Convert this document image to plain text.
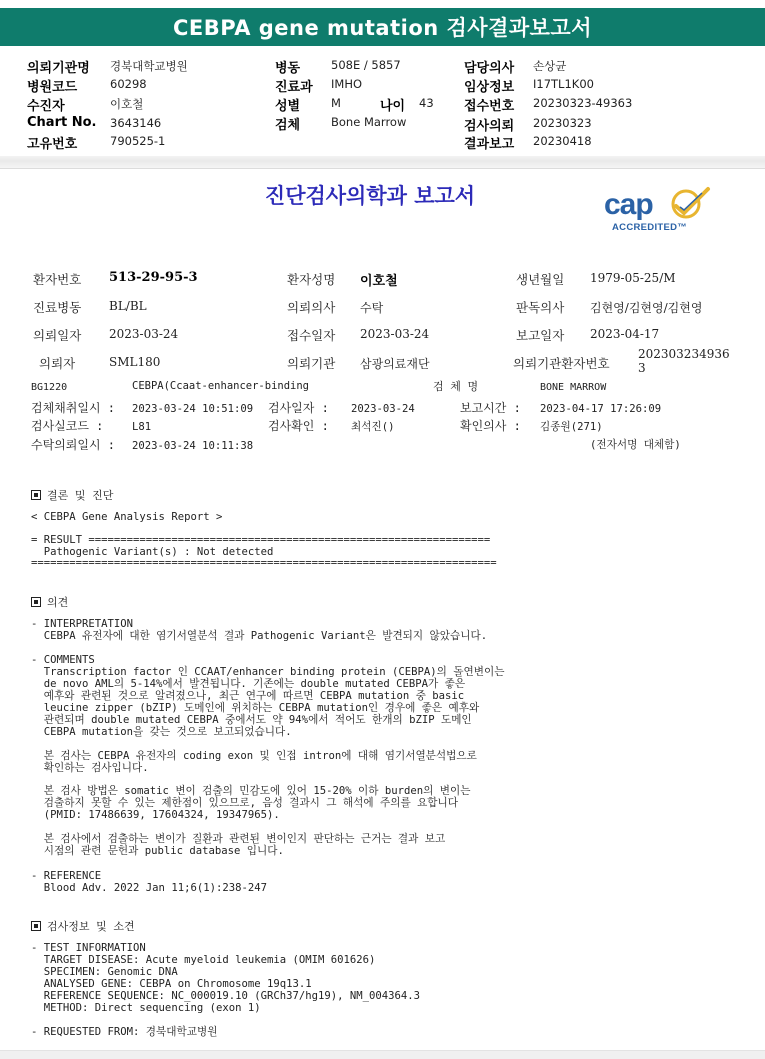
CEBPA gene mutation 검사결과보고서
의뢰기관명 경북대학교병원	병동	508E / 5857	담당의사 손상균
병원코드	60298	진료과 IMHO	임상정보 I17TL1K00
수진자	이호철	성별	M	나이 43 접수번호 20230323-49363
Chart No. 3643146	검체	Bone Marrow	검사의뢰 20230323
고유번호	790525-1	결과보고 20230418
진단검사의학과 보고서	cap
ACCREDITED™
환자번호 513-29-95-3	환자성명 이호철	생년월일 1979-05-25/M
진료병동 BL/BL	의뢰의사 수탁	판독의사 김현영/김현영/김현영
의뢰일자 2023-03-24	접수일자 2023-03-24	보고일자 2023-04-17
의뢰자	SML180	의뢰기관 삼광의료재단	의뢰기관환자번호
202303234936
3
BG1220	CEBPA(Ccaat-enhancer-binding	검 체 명	BONE MARROW
검체채취일시 : 2023-03-24 10:51:09 검사일자 : 2023-03-24	보고시간 : 2023-04-17 17:26:09
검사실코드 :	L81	검사확인 : 최석진()	확인의사 : 김종원(271)
수탁의뢰일시 : 2023-03-24 10:11:38	(전자서명 대체함)
결론 및 진단
< CEBPA Gene Analysis Report >
= RESULT ===============================================================
Pathogenic Variant(s) : Not detected
=========================================================================
의견
- INTERPRETATION
CEBPA 유전자에 대한 염기서열분석 결과 Pathogenic Variant은 발견되지 않았습니다.
- COMMENTS
Transcription factor 인 CCAAT/enhancer binding protein (CEBPA)의 돌연변이는
de novo AML의 5-14%에서 발견됩니다. 기존에는 double mutated CEBPA가 좋은
예후와 관련된 것으로 알려졌으나, 최근 연구에 따르면 CEBPA mutation 중 basic
leucine zipper (bZIP) 도메인에 위치하는 CEBPA mutation인 경우에 좋은 예후와
관련되며 double mutated CEBPA 중에서도 약 94%에서 적어도 한개의 bZIP 도메인
CEBPA mutation을 갖는 것으로 보고되었습니다.
본 검사는 CEBPA 유전자의 coding exon 및 인접 intron에 대해 염기서열분석법으로
확인하는 검사입니다.
본 검사 방법은 somatic 변이 검출의 민감도에 있어 15-20% 이하 burden의 변이는
검출하지 못할 수 있는 제한점이 있으므로, 음성 결과시 그 해석에 주의를 요합니다
(PMID: 17486639, 17604324, 19347965).
본 검사에서 검출하는 변이가 질환과 관련된 변이인지 판단하는 근거는 결과 보고
시점의 관련 문헌과 public database 입니다.
- REFERENCE
Blood Adv. 2022 Jan 11;6(1):238-247
검사정보 및 소견
- TEST INFORMATION
TARGET DISEASE: Acute myeloid leukemia (OMIM 601626)
SPECIMEN: Genomic DNA
ANALYSED GENE: CEBPA on Chromosome 19q13.1
REFERENCE SEQUENCE: NC_000019.10 (GRCh37/hg19), NM_004364.3
METHOD: Direct sequencing (exon 1)
- REQUESTED FROM: 경북대학교병원
